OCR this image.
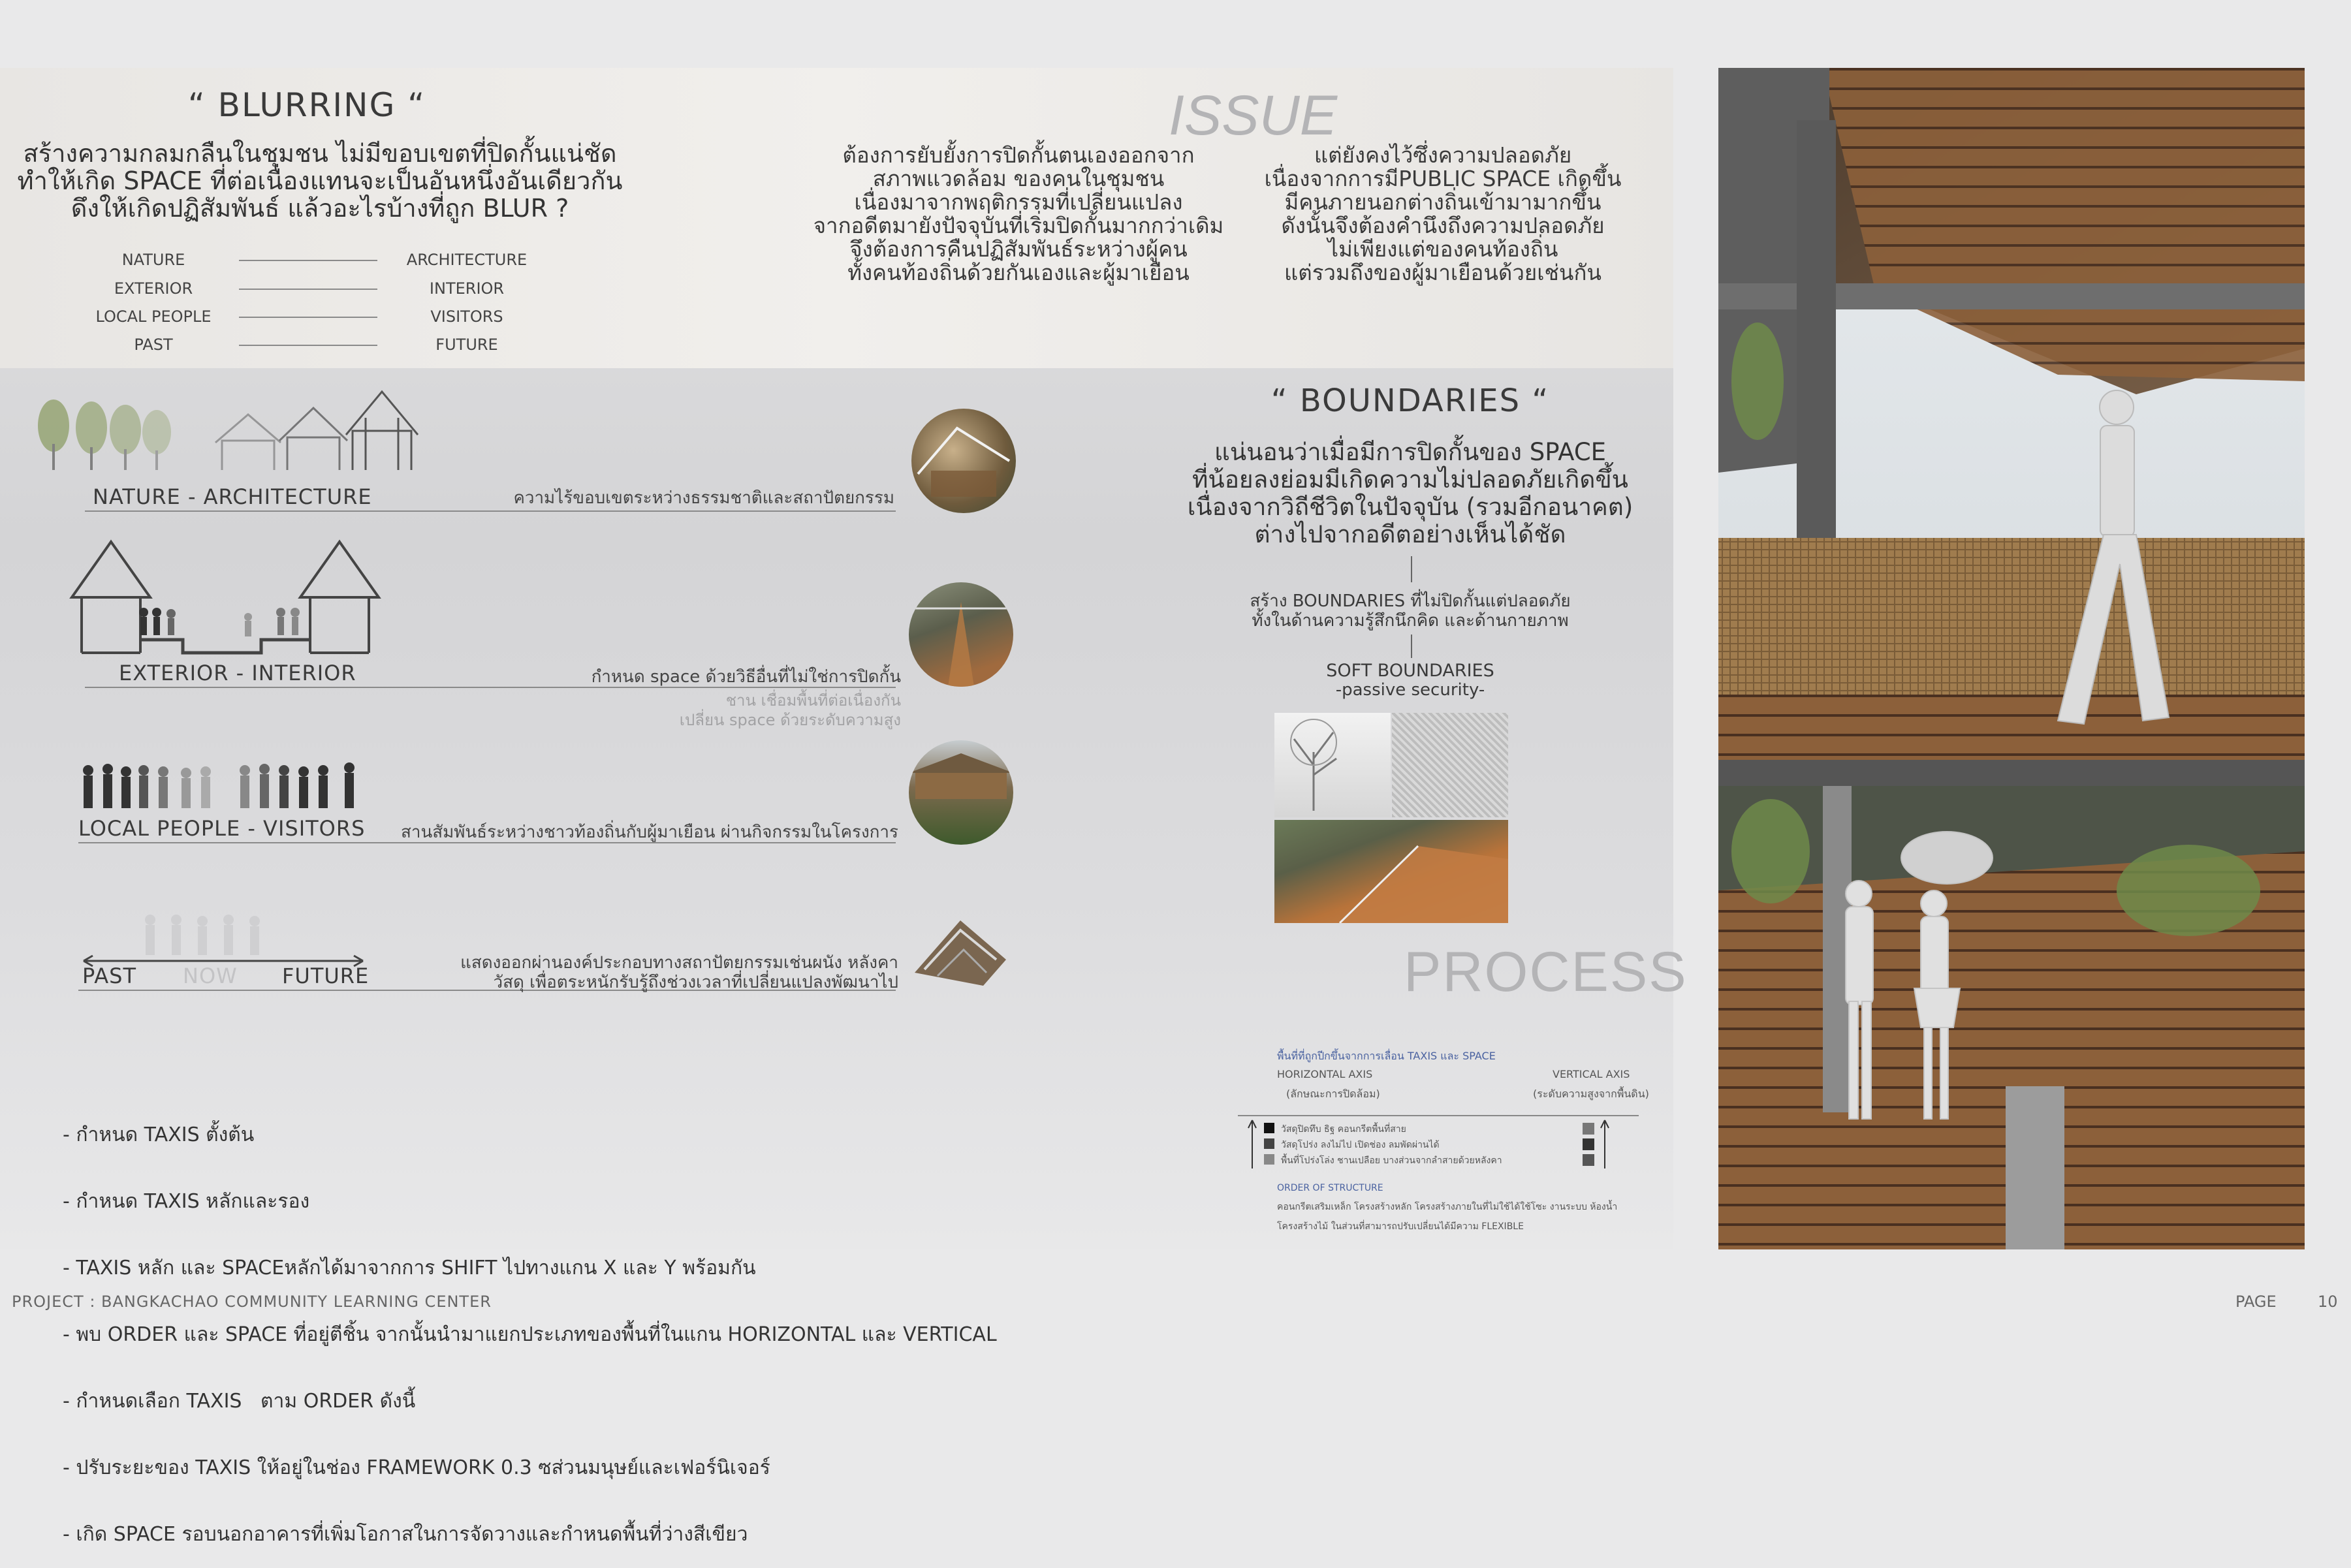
“ BLURRING “
สร้างความกลมกลืนในชุมชน ไม่มีขอบเขตที่ปิดกั้นแน่ชัด
ทำให้เกิด SPACE ที่ต่อเนื่องแทนจะเป็นอันหนึ่งอันเดียวกัน
ดึงให้เกิดปฏิสัมพันธ์ แล้วอะไรบ้างที่ถูก BLUR ?
NATURE	ARCHITECTURE
EXTERIOR	INTERIOR
LOCAL PEOPLE	VISITORS
PAST	FUTURE
ISSUE
ต้องการยับยั้งการปิดกั้นตนเองออกจาก
สภาพแวดล้อม ของคนในชุมชน
เนื่องมาจากพฤติกรรมที่เปลี่ยนแปลง
จากอดีตมายังปัจจุบันที่เริ่มปิดกั้นมากกว่าเดิม
จึงต้องการคืนปฏิสัมพันธ์ระหว่างผู้คน
ทั้งคนท้องถิ่นด้วยกันเองและผู้มาเยือน
แต่ยังคงไว้ซึ่งความปลอดภัย
เนื่องจากการมีPUBLIC SPACE เกิดขึ้น
มีคนภายนอกต่างถิ่นเข้ามามากขึ้น
ดังนั้นจึงต้องคำนึงถึงความปลอดภัย
ไม่เพียงแต่ของคนท้องถิ่น
แต่รวมถึงของผู้มาเยือนด้วยเช่นกัน
NATURE - ARCHITECTURE	ความไร้ขอบเขตระหว่างธรรมชาติและสถาปัตยกรรม
EXTERIOR - INTERIOR	กำหนด space ด้วยวิธีอื่นที่ไม่ใช่การปิดกั้น
ชาน เชื่อมพื้นที่ต่อเนื่องกัน
เปลี่ยน space ด้วยระดับความสูง
LOCAL PEOPLE - VISITORS	สานสัมพันธ์ระหว่างชาวท้องถิ่นกับผู้มาเยือน ผ่านกิจกรรมในโครงการ
PAST NOW FUTURE
แสดงออกผ่านองค์ประกอบทางสถาปัตยกรรมเช่นผนัง หลังคา
วัสดุ เพื่อตระหนักรับรู้ถึงช่วงเวลาที่เปลี่ยนแปลงพัฒนาไป
“ BOUNDARIES “
แน่นอนว่าเมื่อมีการปิดกั้นของ SPACE
ที่น้อยลงย่อมมีเกิดความไม่ปลอดภัยเกิดขึ้น
เนื่องจากวิถีชีวิตในปัจจุบัน (รวมอีกอนาคต)
ต่างไปจากอดีตอย่างเห็นได้ชัด
สร้าง BOUNDARIES ที่ไม่ปิดกั้นแต่ปลอดภัย
ทั้งในด้านความรู้สึกนึกคิด และด้านกายภาพ
SOFT BOUNDARIES
-passive security-
PROCESS

- กำหนด TAXIS ตั้งต้น

- กำหนด TAXIS หลักและรอง

- TAXIS หลัก และ SPACEหลักได้มาจากการ SHIFT ไปทางแกน X และ Y พร้อมกัน

- พบ ORDER และ SPACE ที่อยู่ตีชิ้น จากนั้นนำมาแยกประเภทของพื้นที่ในแกน HORIZONTAL และ VERTICAL

- กำหนดเลือก TAXIS   ตาม ORDER ดังนี้

- ปรับระยะของ TAXIS ให้อยู่ในช่อง FRAMEWORK 0.3 ซส่วนมนุษย์และเฟอร์นิเจอร์

- เกิด SPACE รอบนอกอาคารที่เพิ่มโอกาสในการจัดวางและกำหนดพื้นที่ว่างสีเขียว

พื้นที่ที่ถูกปีกขึ้นจากการเลื่อน TAXIS และ SPACE
HORIZONTAL AXIS
(ลักษณะการปิดล้อม)
VERTICAL AXIS
(ระดับความสูงจากพื้นดิน)
วัสดุปิดทึบ ธิฐ คอนกรีตพื้นที่สาย
วัสดุโปร่ง ลงไม่ไป เปิดช่อง ลมพัดผ่านได้
พื้นที่โปร่งโล่ง ชานเปลือย บางส่วนจากลำสายด้วยหลังคา
ORDER OF STRUCTURE
คอนกรีตเสริมเหล็ก โครงสร้างหลัก โครงสร้างภายในที่ไม่ใช้ได้ใช้โซะ งานระบบ ห้องน้ำ
โครงสร้างไม้ ในส่วนที่สามารถปรับเปลี่ยนได้มีความ FLEXIBLE
PROJECT : BANGKACHAO COMMUNITY LEARNING CENTER	PAGE	10
